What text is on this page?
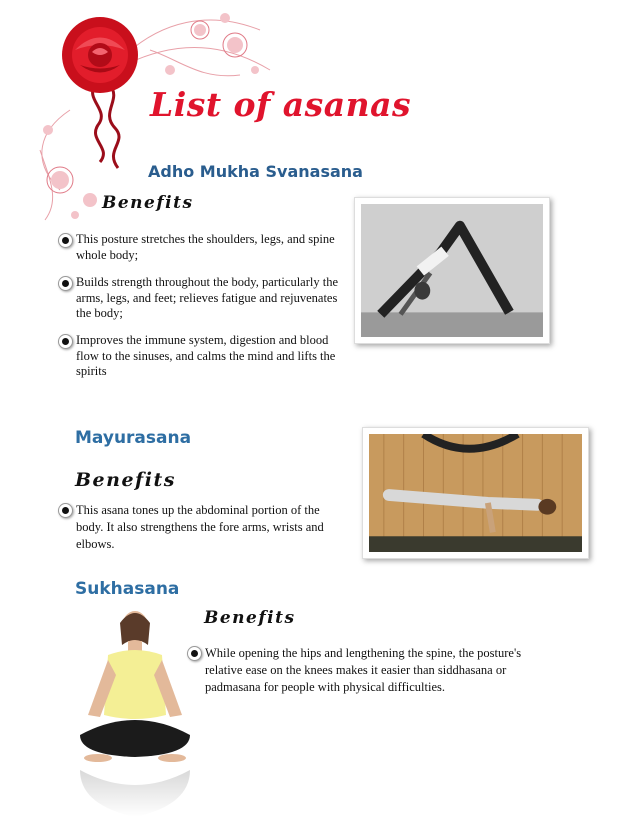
List of asanas
Adho Mukha Svanasana
Benefits
This posture stretches the shoulders, legs, and spine whole body;
Builds strength throughout the body, particularly the arms, legs, and feet; relieves fatigue and rejuvenates the body;
Improves the immune system, digestion and blood flow to the sinuses, and calms the mind and lifts the spirits
Mayurasana
Benefits
This asana tones up the abdominal portion of the body. It also strengthens the fore arms, wrists and elbows.
Sukhasana
Benefits
While opening the hips and lengthening the spine, the posture's relative ease on the knees makes it easier than siddhasana or padmasana for people with physical difficulties.
